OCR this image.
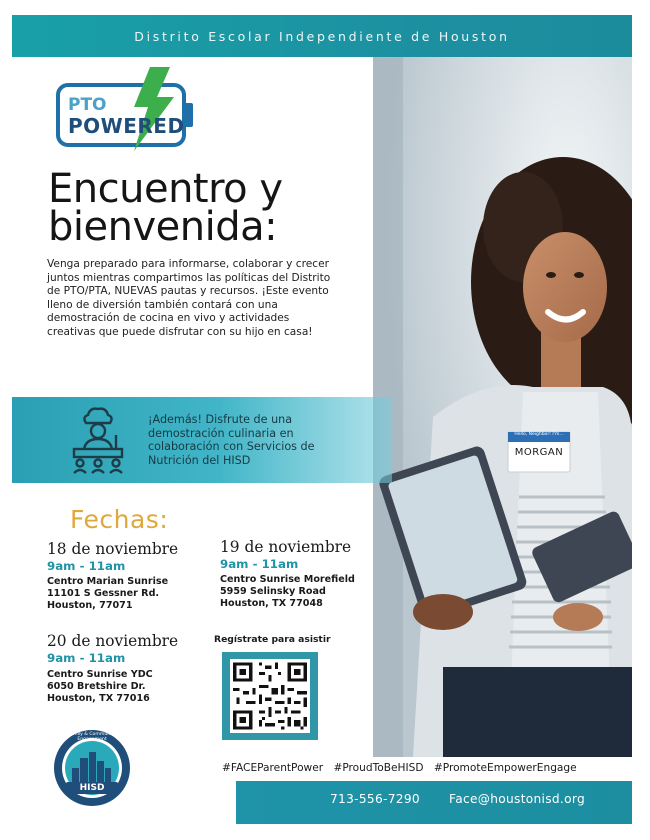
Distrito Escolar Independiente de Houston
Hello, Neighbor! I'm...
MORGAN
PTO
POWERED
Encuentro y
bienvenida:
Venga preparado para informarse, colaborar y crecer juntos mientras compartimos las políticas del Distrito de PTO/PTA, NUEVAS pautas y recursos. ¡Este evento lleno de diversión también contará con una demostración de cocina en vivo y actividades creativas que puede disfrutar con su hijo en casa!
¡Además! Disfrute de una demostración culinaria en colaboración con Servicios de Nutrición del HISD
Fechas:
18 de noviembre
9am - 11am
Centro Marian Sunrise
11101 S Gessner Rd.
Houston, 77071
19 de noviembre
9am - 11am
Centro Sunrise Morefield
5959 Selinsky Road
Houston, TX 77048
20 de noviembre
9am - 11am
Centro Sunrise YDC
6050 Bretshire Dr.
Houston, TX 77016
Regístrate para asistir
HISD
Family & Community Engagement
#FACEParentPower #ProudToBeHISD #PromoteEmpowerEngage
713-556-7290 Face@houstonisd.org
